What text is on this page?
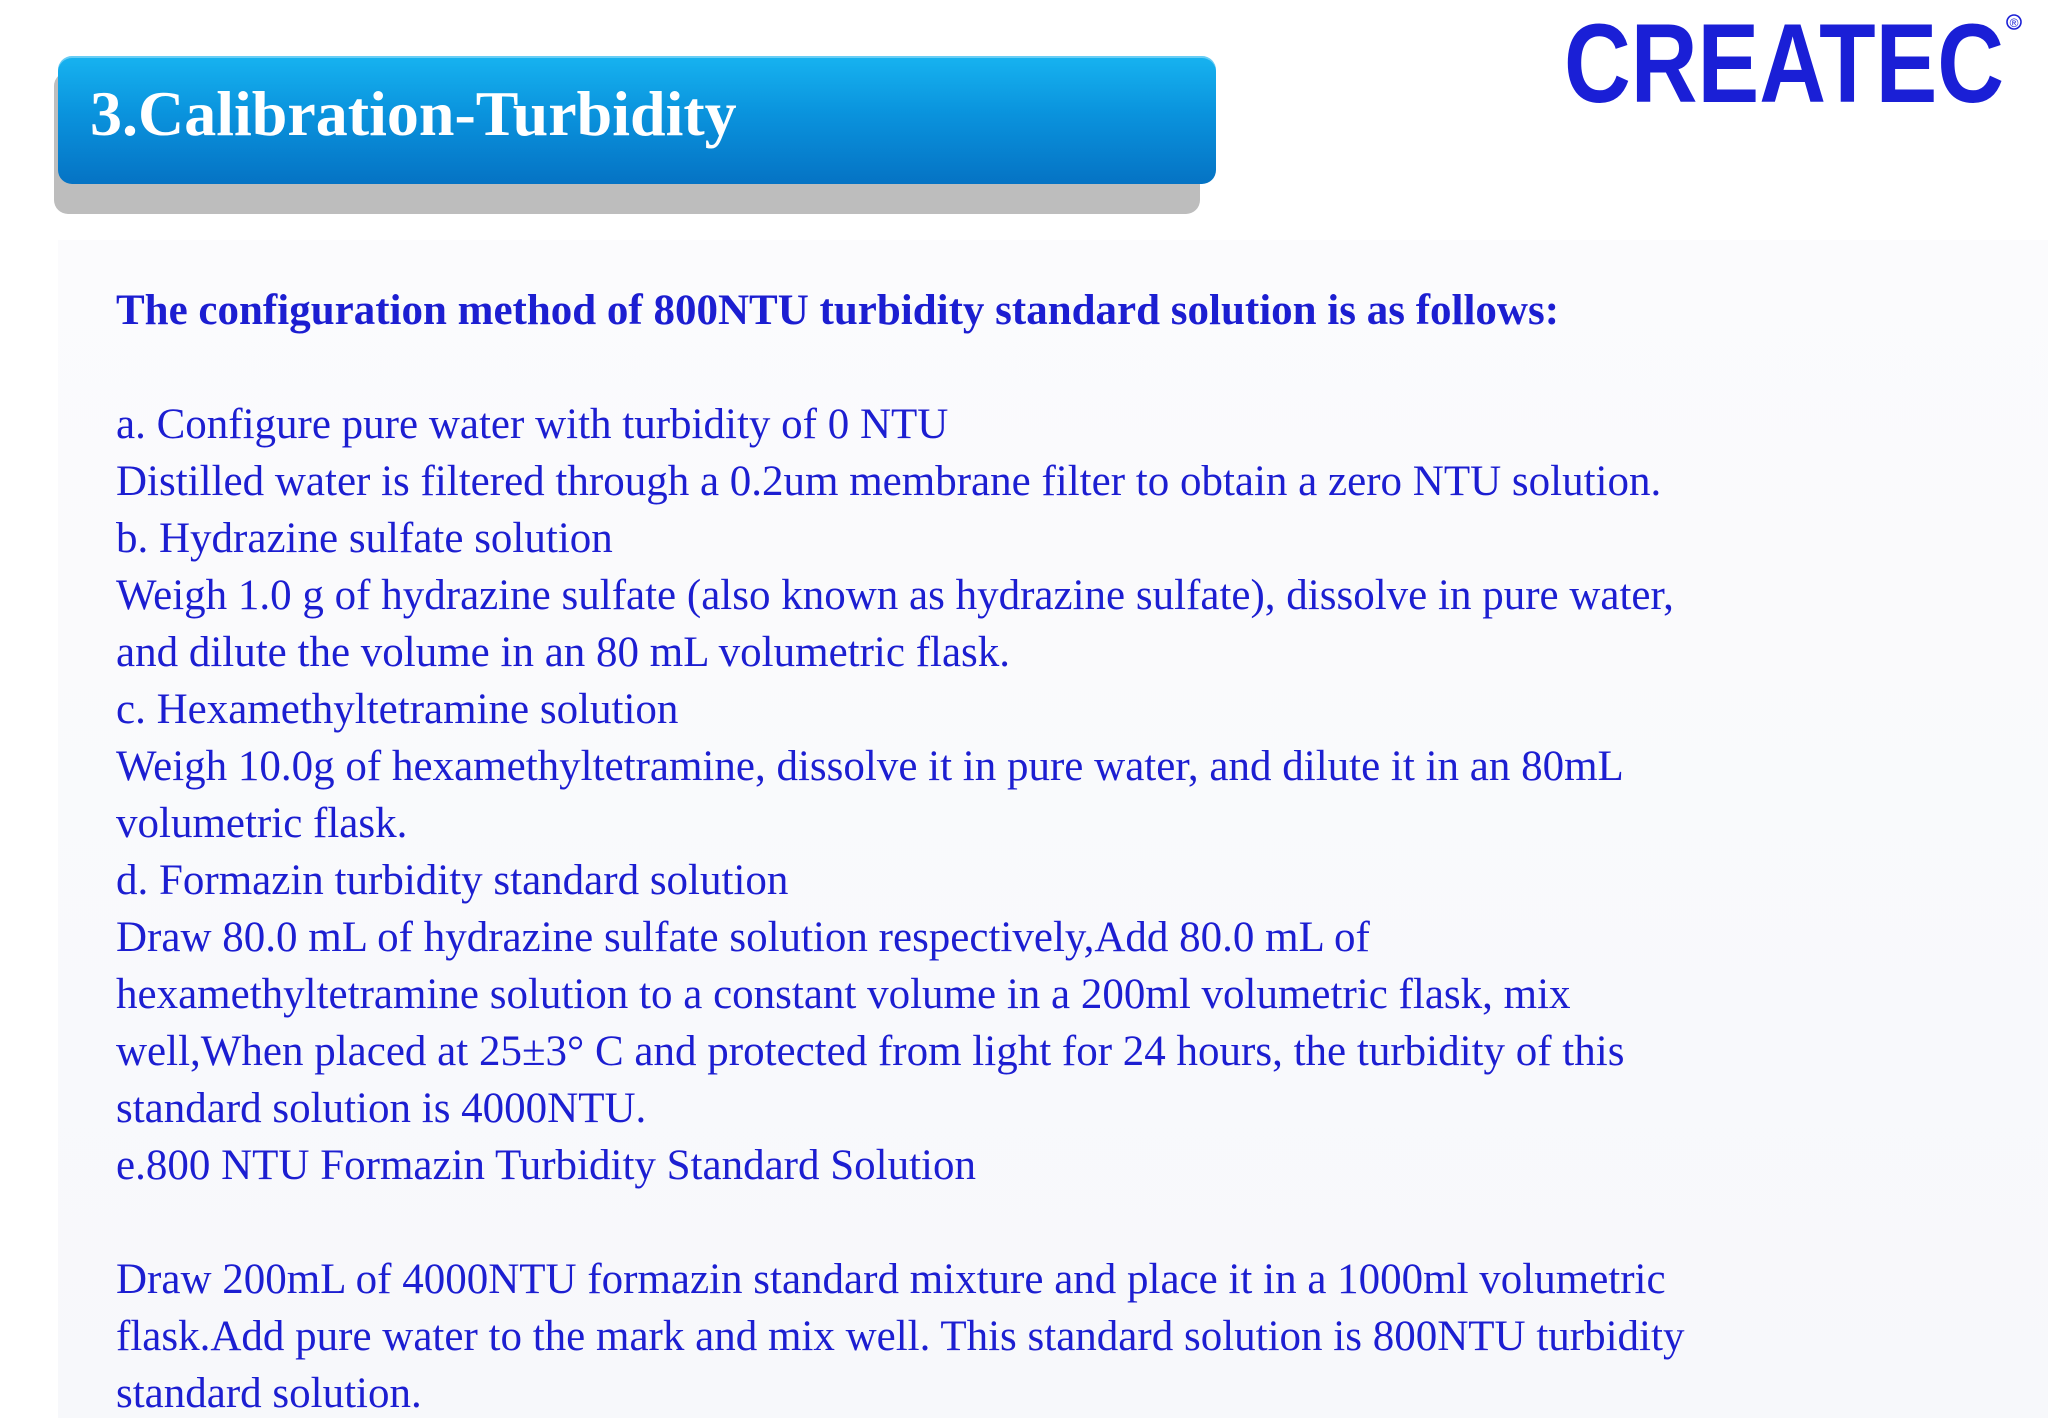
3.Calibration-Turbidity	CREATEC ®
The configuration method of 800NTU turbidity standard solution is as follows:
a. Configure pure water with turbidity of 0 NTU
Distilled water is filtered through a 0.2um membrane filter to obtain a zero NTU solution.
b. Hydrazine sulfate solution
Weigh 1.0 g of hydrazine sulfate (also known as hydrazine sulfate), dissolve in pure water,
and dilute the volume in an 80 mL volumetric flask.
c. Hexamethyltetramine solution
Weigh 10.0g of hexamethyltetramine, dissolve it in pure water, and dilute it in an 80mL
volumetric flask.
d. Formazin turbidity standard solution
Draw 80.0 mL of hydrazine sulfate solution respectively,Add 80.0 mL of
hexamethyltetramine solution to a constant volume in a 200ml volumetric flask, mix
well,When placed at 25±3° C and protected from light for 24 hours, the turbidity of this
standard solution is 4000NTU.
e.800 NTU Formazin Turbidity Standard Solution
Draw 200mL of 4000NTU formazin standard mixture and place it in a 1000ml volumetric
flask.Add pure water to the mark and mix well. This standard solution is 800NTU turbidity
standard solution.
